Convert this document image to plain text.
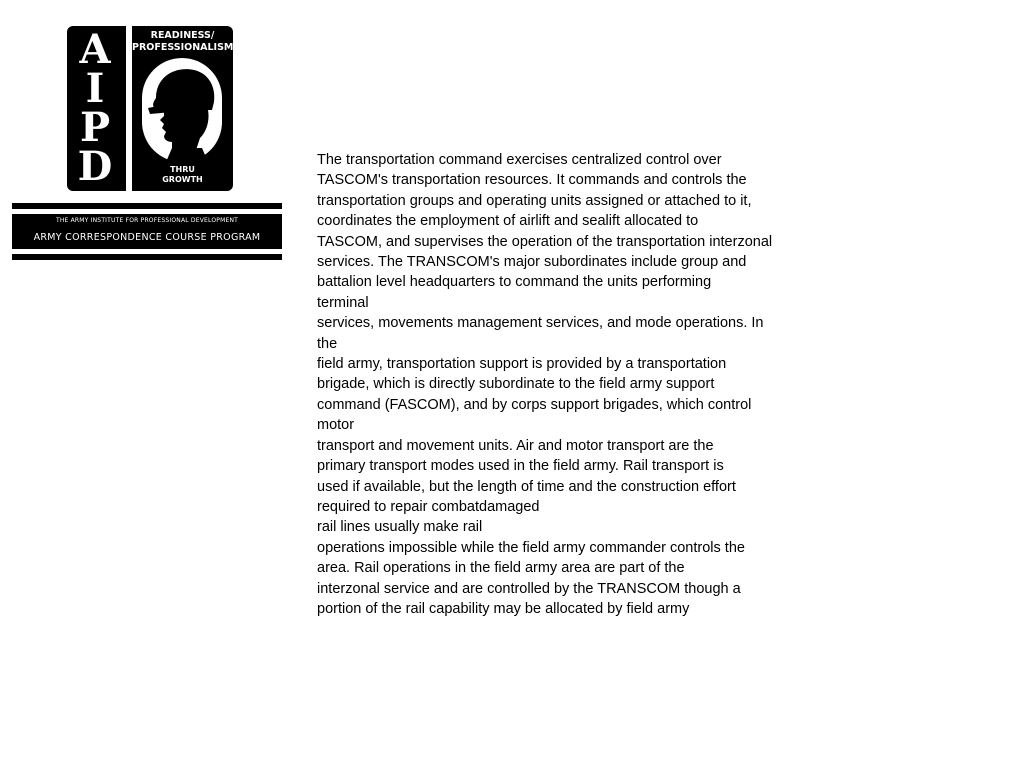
A
I
P
D
READINESS/
PROFESSIONALISM
THRU
GROWTH
THE ARMY INSTITUTE FOR PROFESSIONAL DEVELOPMENT
ARMY CORRESPONDENCE COURSE PROGRAM
The transportation command exercises centralized control over
TASCOM's transportation resources. It commands and controls the
transportation groups and operating units assigned or attached to it,
coordinates the employment of airlift and sealift allocated to
TASCOM, and supervises the operation of the transportation interzonal
services. The TRANSCOM's major subordinates include group and
battalion level headquarters to command the units performing
terminal
services, movements management services, and mode operations. In
the
field army, transportation support is provided by a transportation
brigade, which is directly subordinate to the field army support
command (FASCOM), and by corps support brigades, which control
motor
transport and movement units. Air and motor transport are the
primary transport modes used in the field army. Rail transport is
used if available, but the length of time and the construction effort
required to repair combatdamaged
rail lines usually make rail
operations impossible while the field army commander controls the
area. Rail operations in the field army area are part of the
interzonal service and are controlled by the TRANSCOM though a
portion of the rail capability may be allocated by field army
